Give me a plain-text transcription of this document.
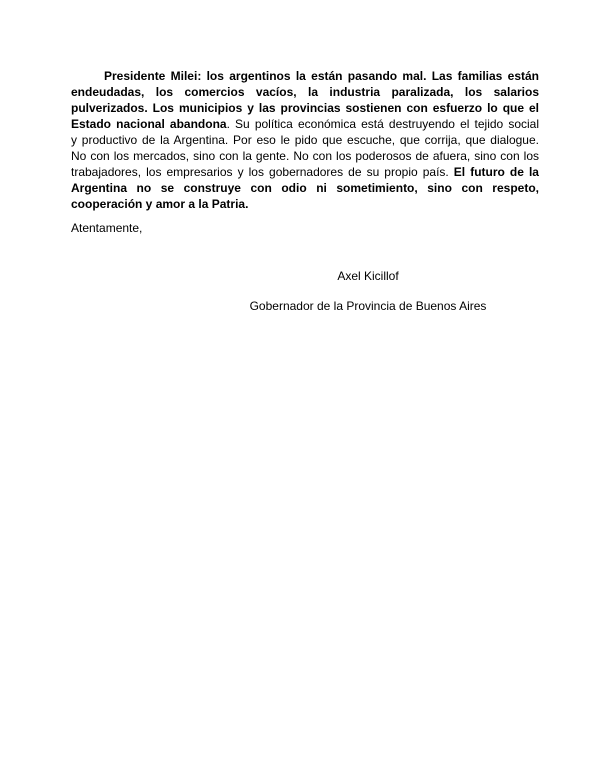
Presidente Milei: los argentinos la están pasando mal. Las familias están
endeudadas, los comercios vacíos, la industria paralizada, los salarios
pulverizados. Los municipios y las provincias sostienen con esfuerzo lo que el
Estado nacional abandona. Su política económica está destruyendo el tejido social
y productivo de la Argentina. Por eso le pido que escuche, que corrija, que dialogue.
No con los mercados, sino con la gente. No con los poderosos de afuera, sino con los
trabajadores, los empresarios y los gobernadores de su propio país. El futuro de la
Argentina no se construye con odio ni sometimiento, sino con respeto,
cooperación y amor a la Patria.
Atentamente,
Axel Kicillof
Gobernador de la Provincia de Buenos Aires
